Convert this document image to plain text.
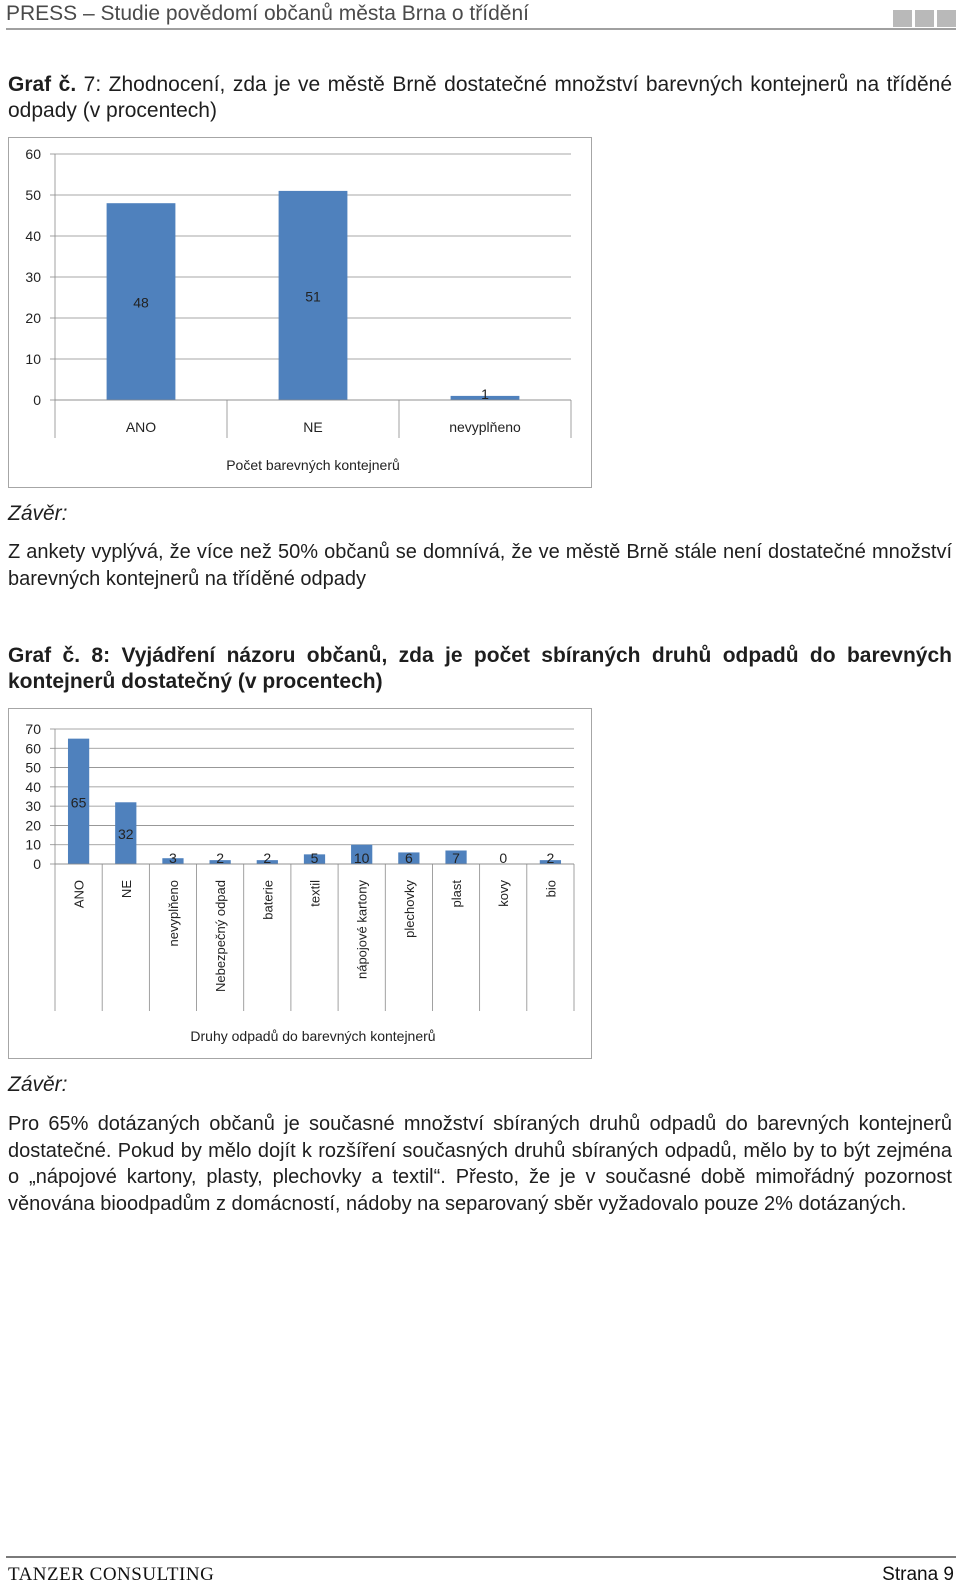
PRESS – Studie povědomí občanů města Brna o třídění
Graf č. 7: Zhodnocení, zda je ve městě Brně dostatečné množství barevných kontejnerů na tříděné odpady (v procentech)
0
10
20
30
40
50
60
48
ANO
51
NE
1
nevyplňeno
Počet barevných kontejnerů
Závěr:
Z ankety vyplývá, že více než 50% občanů se domnívá, že ve městě Brně stále není dostatečné množství barevných kontejnerů na tříděné odpady
Graf č. 8: Vyjádření názoru občanů, zda je počet sbíraných druhů odpadů do barevných kontejnerů dostatečný (v procentech)
0
10
20
30
40
50
60
70
65
ANO
32
NE
3
nevyplňeno
2
Nebezpečný odpad
2
baterie
5
textil
10
nápojové kartony
6
plechovky
7
plast
0
kovy
2
bio
Druhy odpadů do barevných kontejnerů
Závěr:
Pro 65% dotázaných občanů je současné množství sbíraných druhů odpadů do barevných kontejnerů dostatečné. Pokud by mělo dojít k rozšíření současných druhů sbíraných odpadů, mělo by to být zejména o „nápojové kartony, plasty, plechovky a textil“. Přesto, že je v současné době mimořádný pozornost věnována bioodpadům z domácností, nádoby na separovaný sběr vyžadovalo pouze 2% dotázaných.
TANZER CONSULTING	Strana 9
